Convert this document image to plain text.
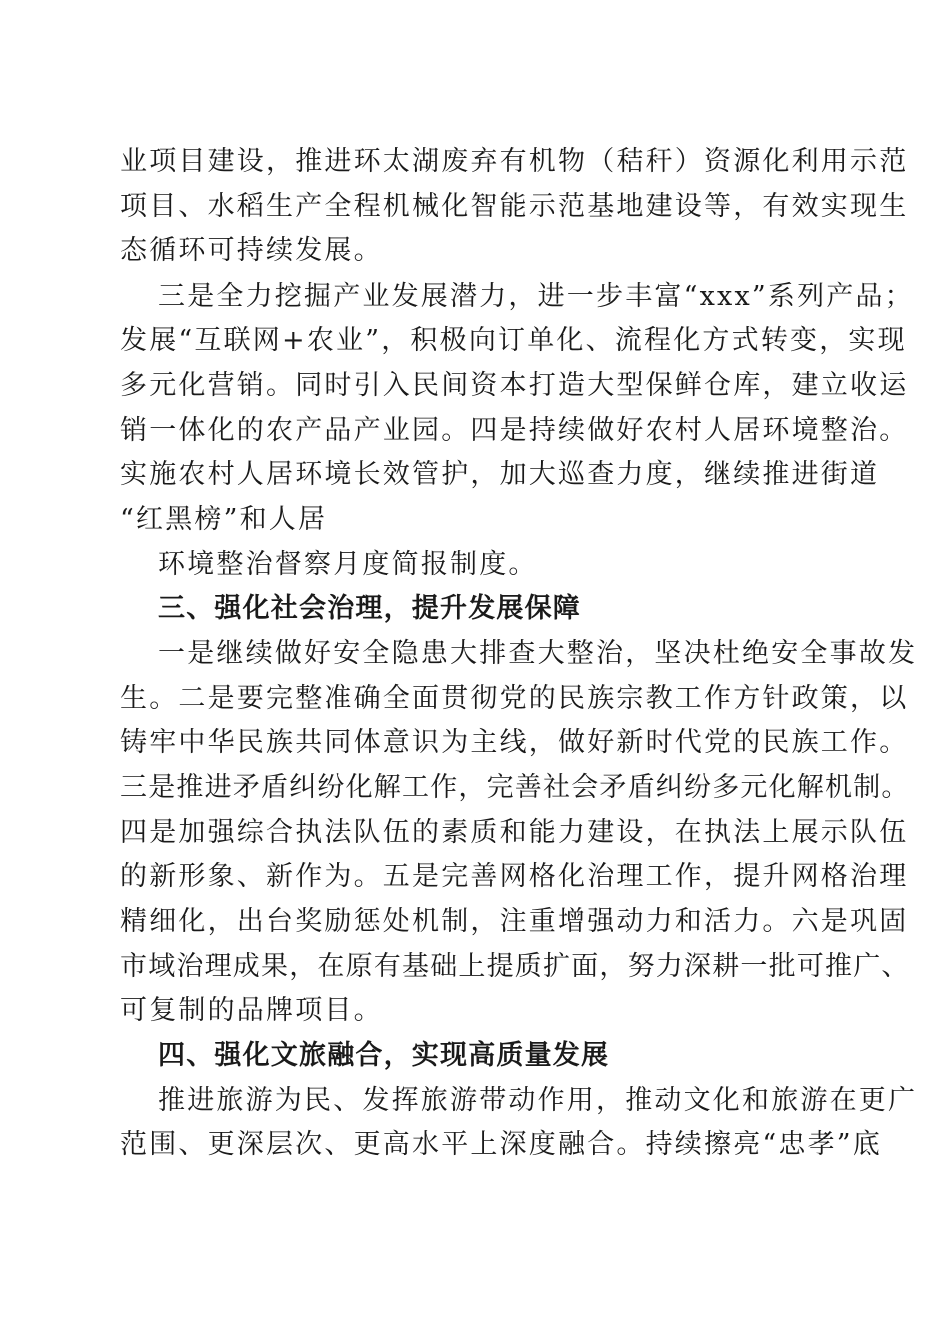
业项目建设，推进环太湖废弃有机物（秸秆）资源化利用示范
项目、水稻生产全程机械化智能示范基地建设等，有效实现生
态循环可持续发展。
三是全力挖掘产业发展潜力，进一步丰富“xxx”系列产品；
发展“互联网+农业”，积极向订单化、流程化方式转变，实现
多元化营销。同时引入民间资本打造大型保鲜仓库，建立收运
销一体化的农产品产业园。四是持续做好农村人居环境整治。
实施农村人居环境长效管护，加大巡查力度，继续推进街道
“红黑榜”和人居
环境整治督察月度简报制度。
三、强化社会治理，提升发展保障
一是继续做好安全隐患大排查大整治，坚决杜绝安全事故发
生。二是要完整准确全面贯彻党的民族宗教工作方针政策，以
铸牢中华民族共同体意识为主线，做好新时代党的民族工作。
三是推进矛盾纠纷化解工作，完善社会矛盾纠纷多元化解机制。
四是加强综合执法队伍的素质和能力建设，在执法上展示队伍
的新形象、新作为。五是完善网格化治理工作，提升网格治理
精细化，出台奖励惩处机制，注重增强动力和活力。六是巩固
市域治理成果，在原有基础上提质扩面，努力深耕一批可推广、
可复制的品牌项目。
四、强化文旅融合，实现高质量发展
推进旅游为民、发挥旅游带动作用，推动文化和旅游在更广
范围、更深层次、更高水平上深度融合。持续擦亮“忠孝”底
